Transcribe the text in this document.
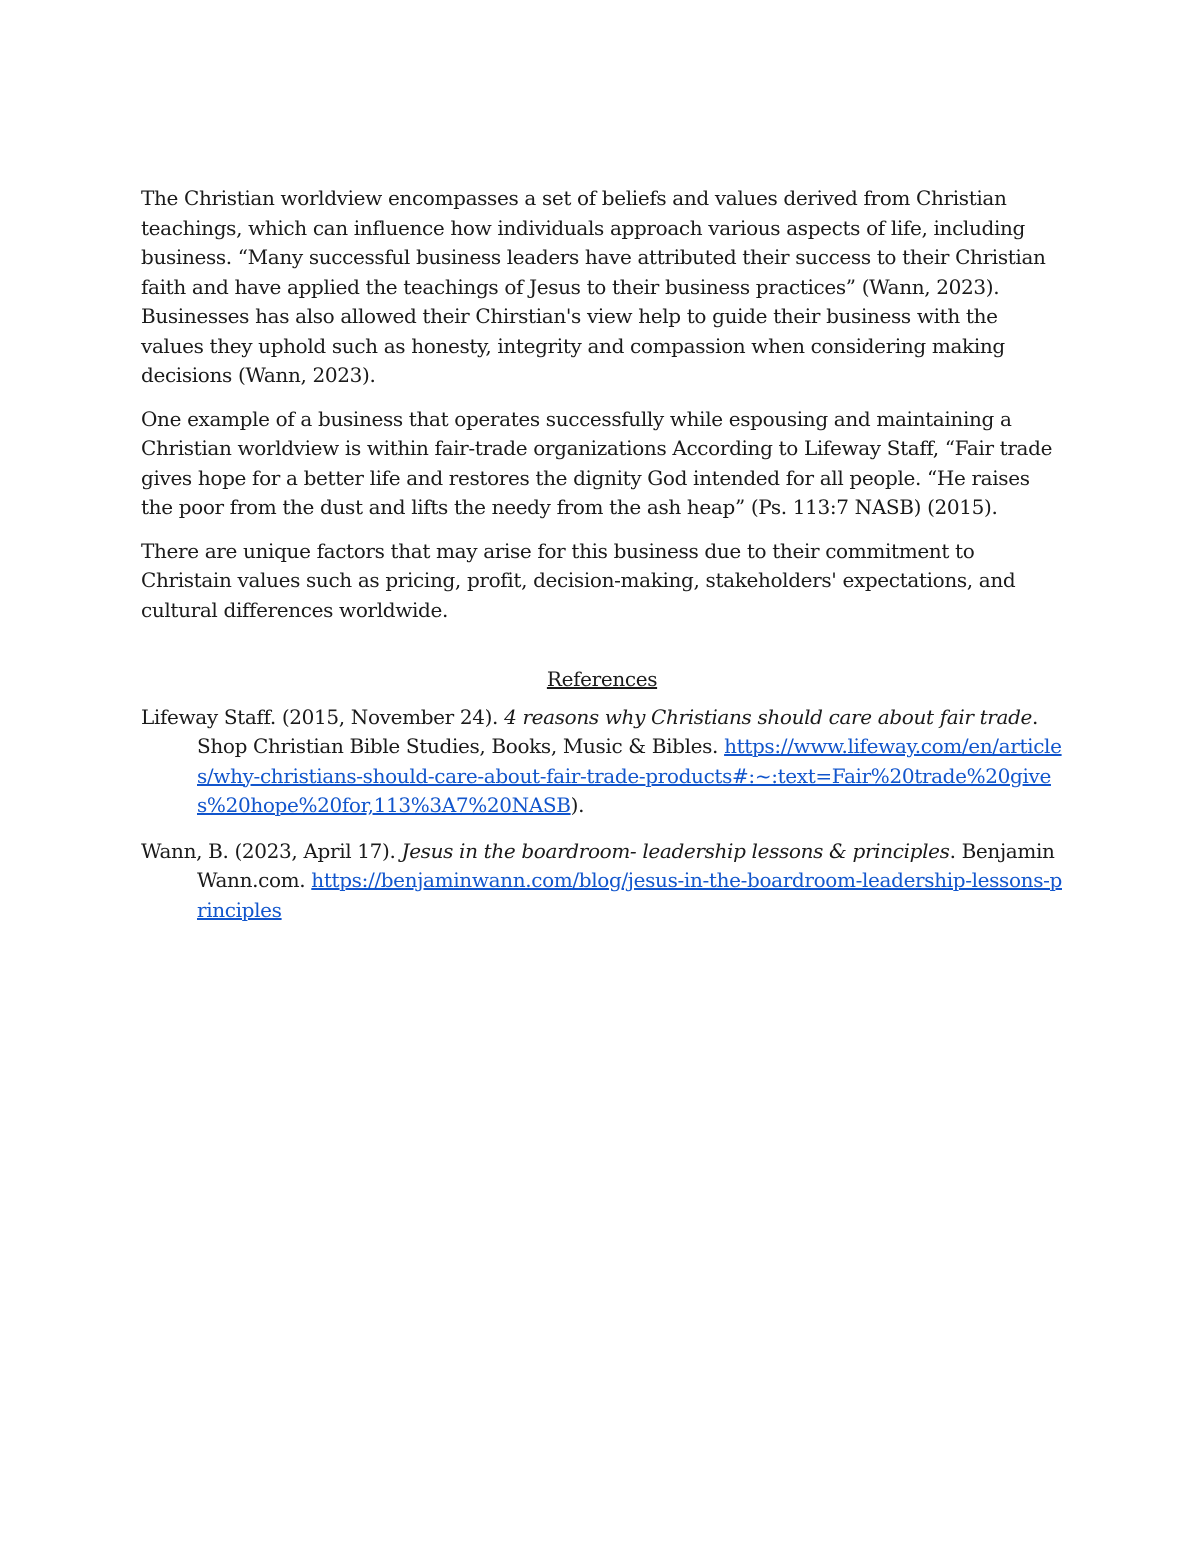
The Christian worldview encompasses a set of beliefs and values derived from Christian teachings, which can influence how individuals approach various aspects of life, including business. “Many successful business leaders have attributed their success to their Christian faith and have applied the teachings of Jesus to their business practices” (Wann, 2023). Businesses has also allowed their Chirstian's view help to guide their business with the values they uphold such as honesty, integrity and compassion when considering making decisions (Wann, 2023).

One example of a business that operates successfully while espousing and maintaining a Christian worldview is within fair-trade organizations According to Lifeway Staff, “Fair trade gives hope for a better life and restores the dignity God intended for all people. “He raises the poor from the dust and lifts the needy from the ash heap” (Ps. 113:7 NASB) (2015).

There are unique factors that may arise for this business due to their commitment to Christain values such as pricing, profit, decision-making, stakeholders' expectations, and cultural differences worldwide.

References

Lifeway Staff. (2015, November 24). 4 reasons why Christians should care about fair trade. Shop Christian Bible Studies, Books, Music & Bibles. https://www.lifeway.com/en/articles/why-christians-should-care-about-fair-trade-products#:~:text=Fair%20trade%20gives%20hope%20for,113%3A7%20NASB).

Wann, B. (2023, April 17). Jesus in the boardroom- leadership lessons & principles. Benjamin Wann.com. https://benjaminwann.com/blog/jesus-in-the-boardroom-leadership-lessons-principles
